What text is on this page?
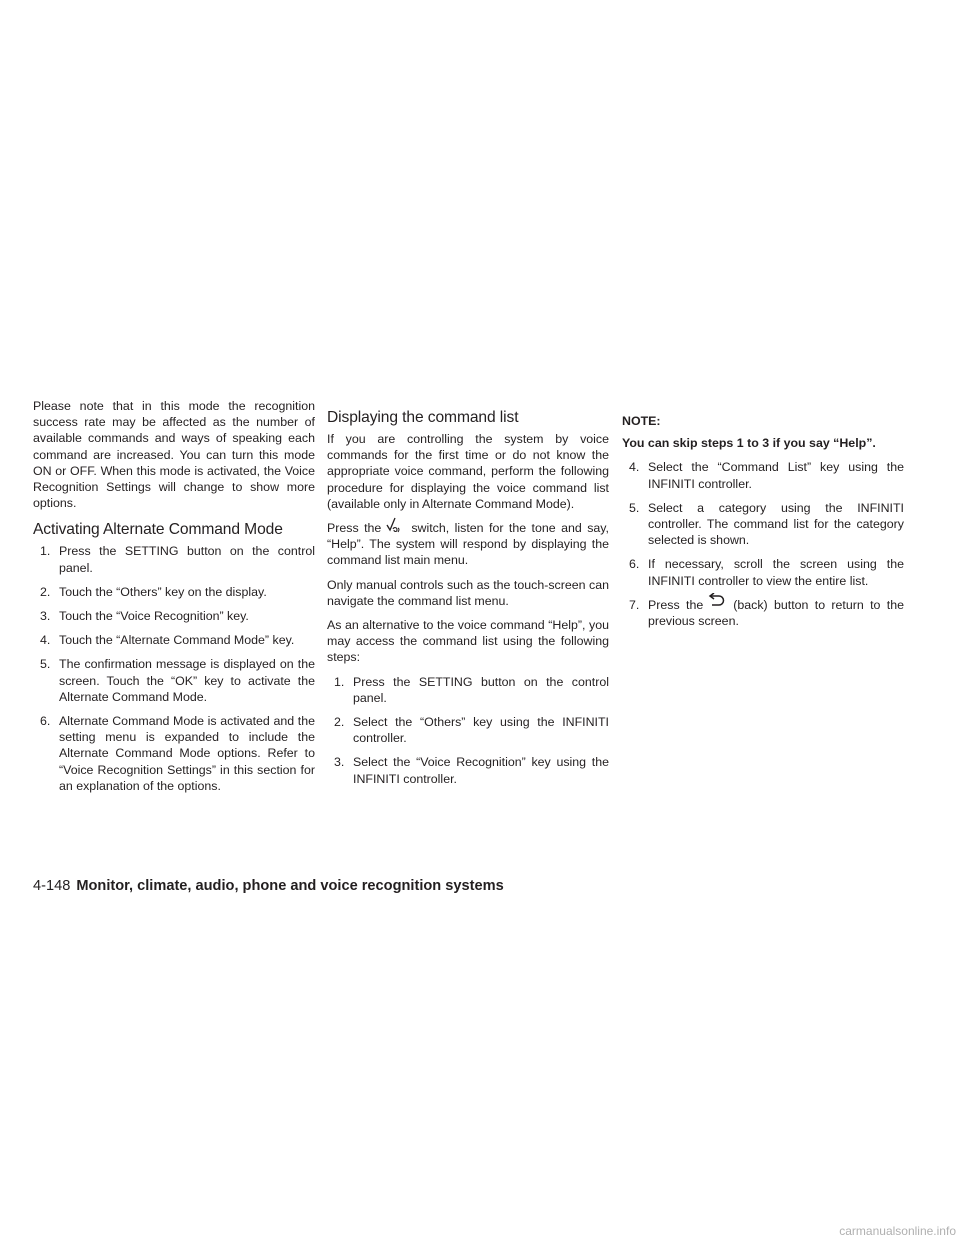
Please note that in this mode the recognition success rate may be affected as the number of available commands and ways of speaking each command are increased. You can turn this mode ON or OFF. When this mode is activated, the Voice Recognition Settings will change to show more options.

Activating Alternate Command Mode
1. Press the SETTING button on the control panel.
2. Touch the “Others” key on the display.
3. Touch the “Voice Recognition” key.
4. Touch the “Alternate Command Mode” key.
5. The confirmation message is displayed on the screen. Touch the “OK” key to activate the Alternate Command Mode.
6. Alternate Command Mode is activated and the setting menu is expanded to include the Alternate Command Mode options. Refer to “Voice Recognition Settings” in this section for an explanation of the options.
Displaying the command list

If you are controlling the system by voice commands for the first time or do not know the appropriate voice command, perform the following procedure for displaying the voice command list (available only in Alternate Command Mode).

Press the switch, listen for the tone and say, “Help”. The system will respond by displaying the command list main menu.

Only manual controls such as the touch-screen can navigate the command list menu.

As an alternative to the voice command “Help”, you may access the command list using the following steps:

1. Press the SETTING button on the control panel.
2. Select the “Others” key using the INFINITI controller.
3. Select the “Voice Recognition” key using the INFINITI controller.

NOTE:

You can skip steps 1 to 3 if you say “Help”.

4. Select the “Command List” key using the INFINITI controller.
5. Select a category using the INFINITI controller. The command list for the category selected is shown.
6. If necessary, scroll the screen using the INFINITI controller to view the entire list.
7. Press the (back) button to return to the previous screen.
4-148 Monitor, climate, audio, phone and voice recognition systems
carmanualsonline.info
